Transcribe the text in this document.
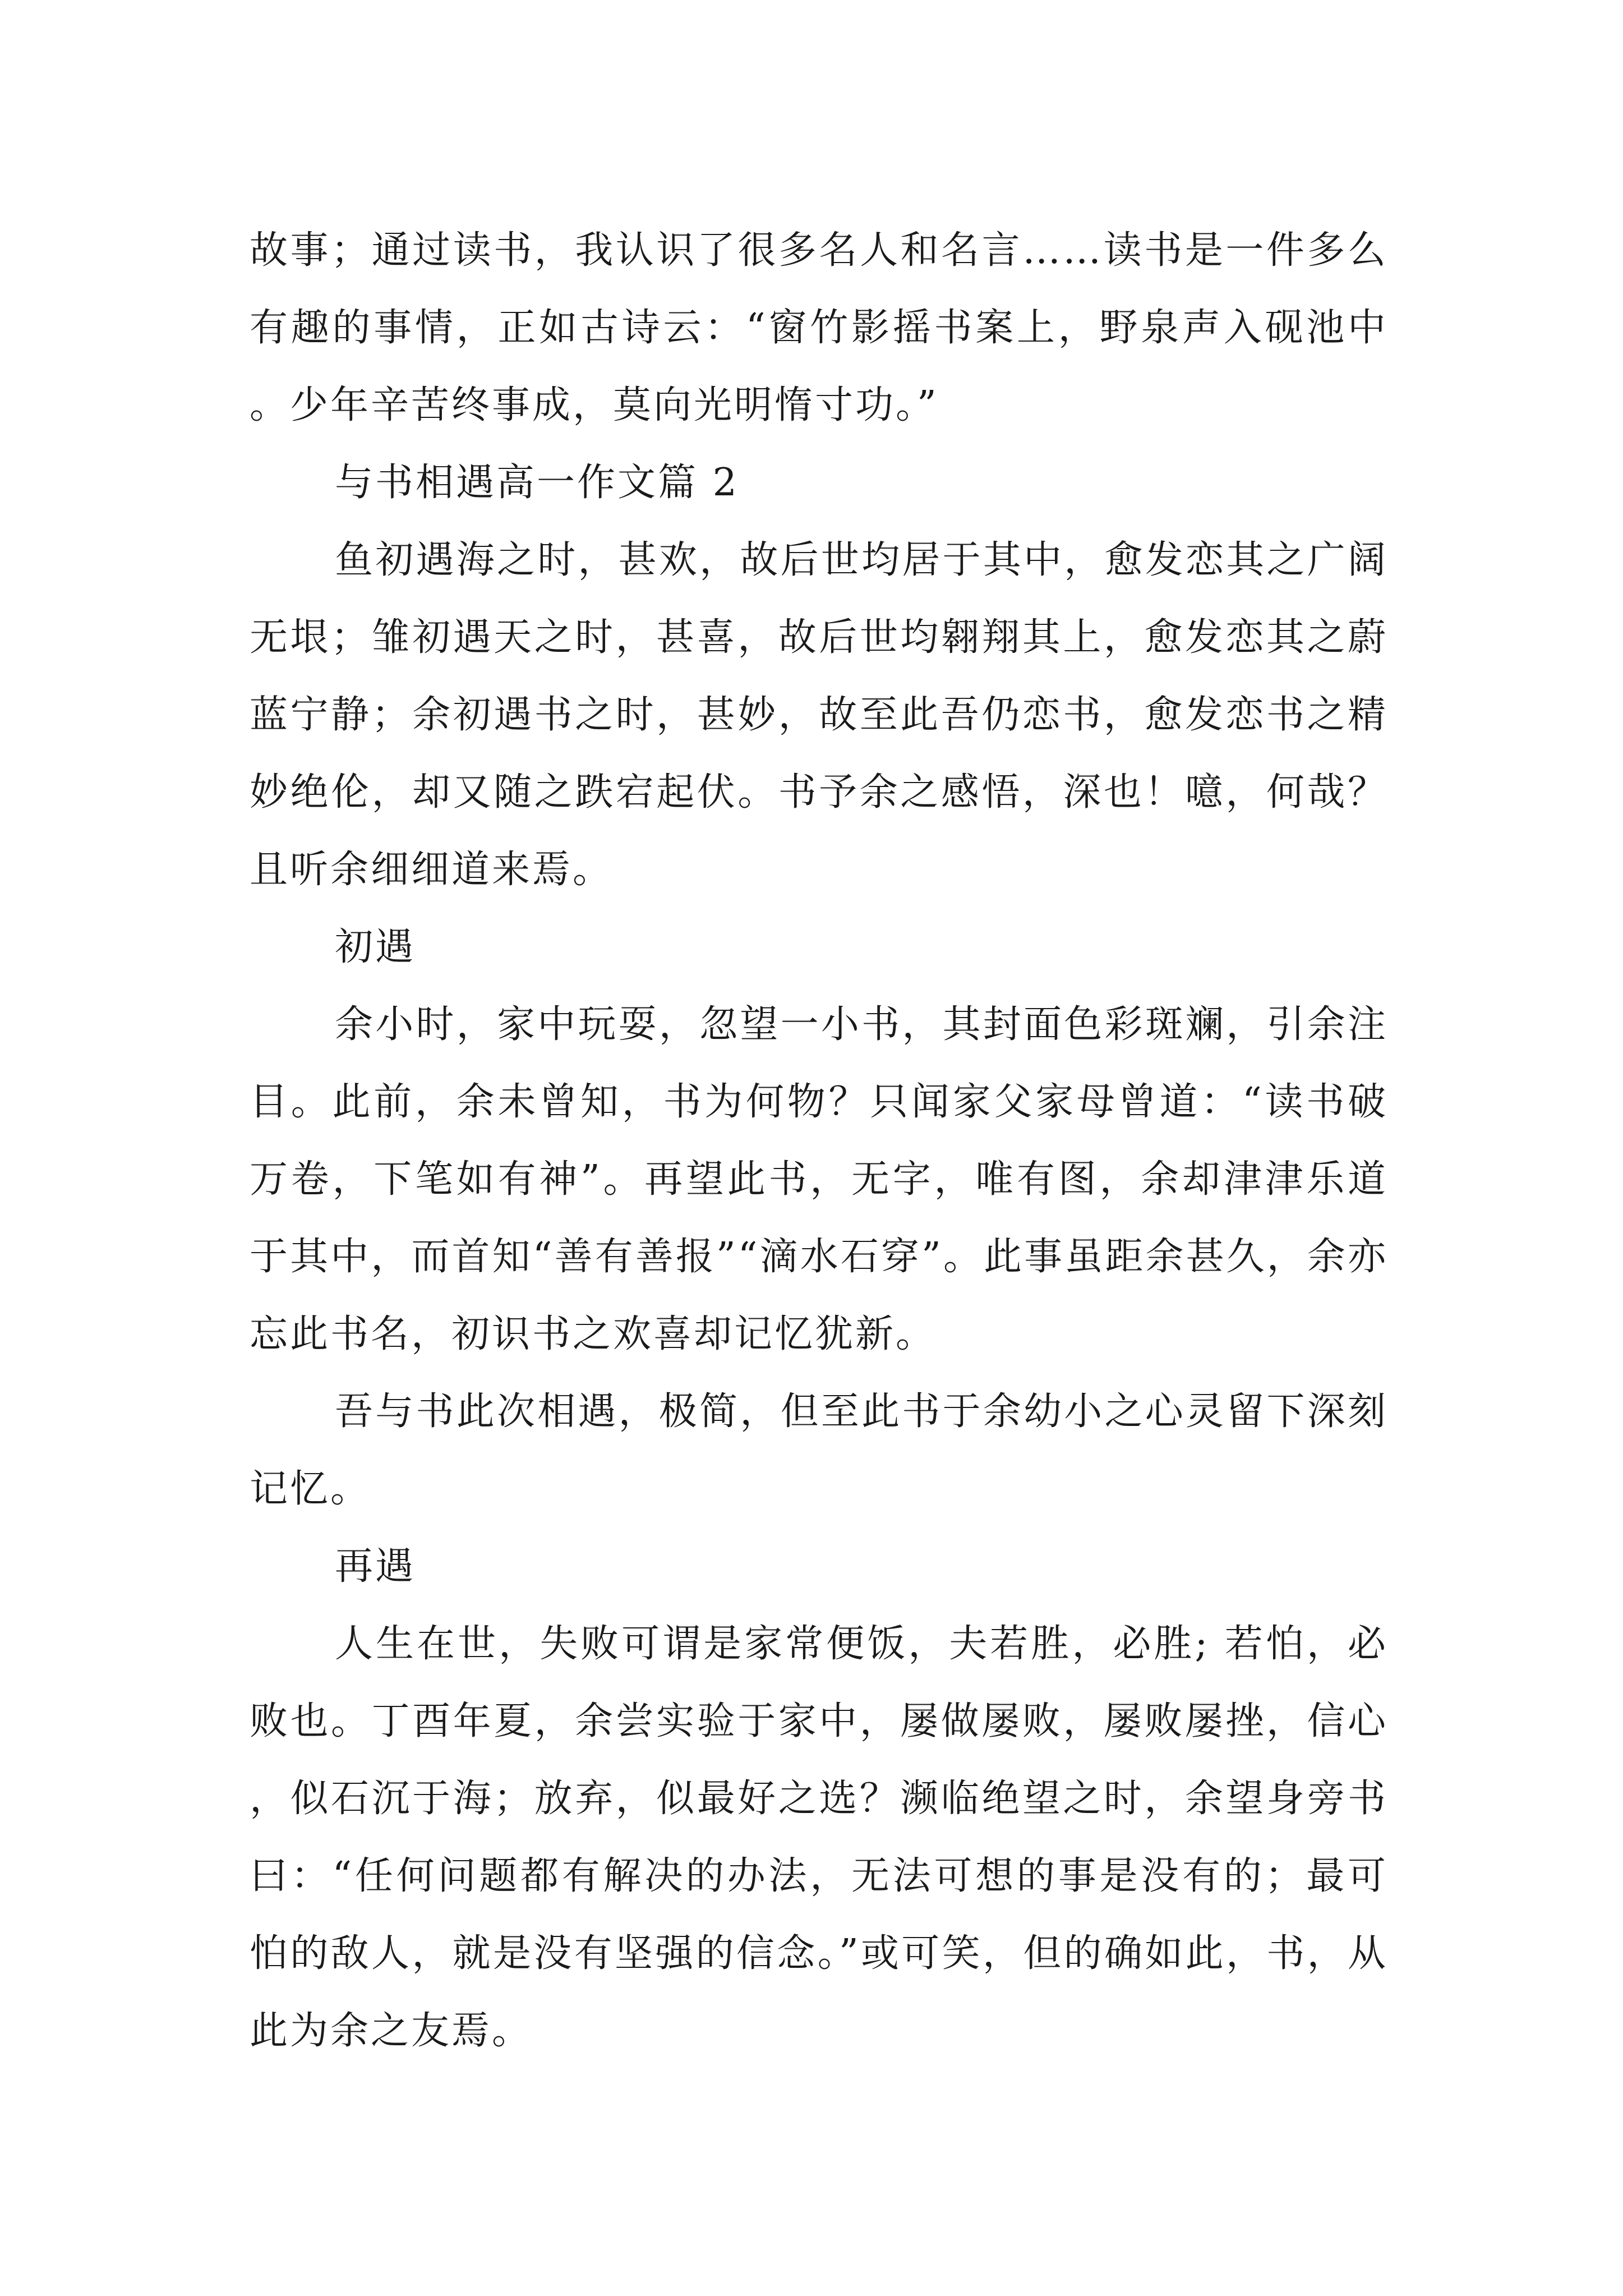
故事；通过读书，我认识了很多名人和名言……读书是一件多么有趣的事情，正如古诗云：“窗竹影摇书案上，野泉声入砚池中。少年辛苦终事成，莫向光明惰寸功。”

与书相遇高一作文篇 2

鱼初遇海之时，甚欢，故后世均居于其中，愈发恋其之广阔无垠；雏初遇天之时，甚喜，故后世均翱翔其上，愈发恋其之蔚蓝宁静；余初遇书之时，甚妙，故至此吾仍恋书，愈发恋书之精妙绝伦，却又随之跌宕起伏。书予余之感悟，深也！噫，何哉？且听余细细道来焉。

初遇

余小时，家中玩耍，忽望一小书，其封面色彩斑斓，引余注目。此前，余未曾知，书为何物？只闻家父家母曾道：“读书破万卷，下笔如有神”。再望此书，无字，唯有图，余却津津乐道于其中，而首知“善有善报”“滴水石穿”。此事虽距余甚久，余亦忘此书名，初识书之欢喜却记忆犹新。

吾与书此次相遇，极简，但至此书于余幼小之心灵留下深刻记忆。

再遇

人生在世，失败可谓是家常便饭，夫若胜，必胜; 若怕，必败也。丁酉年夏，余尝实验于家中，屡做屡败，屡败屡挫，信心，似石沉于海；放弃，似最好之选？濒临绝望之时，余望身旁书曰：“任何问题都有解决的办法，无法可想的事是没有的；最可怕的敌人，就是没有坚强的信念。”或可笑，但的确如此，书，从此为余之友焉。
